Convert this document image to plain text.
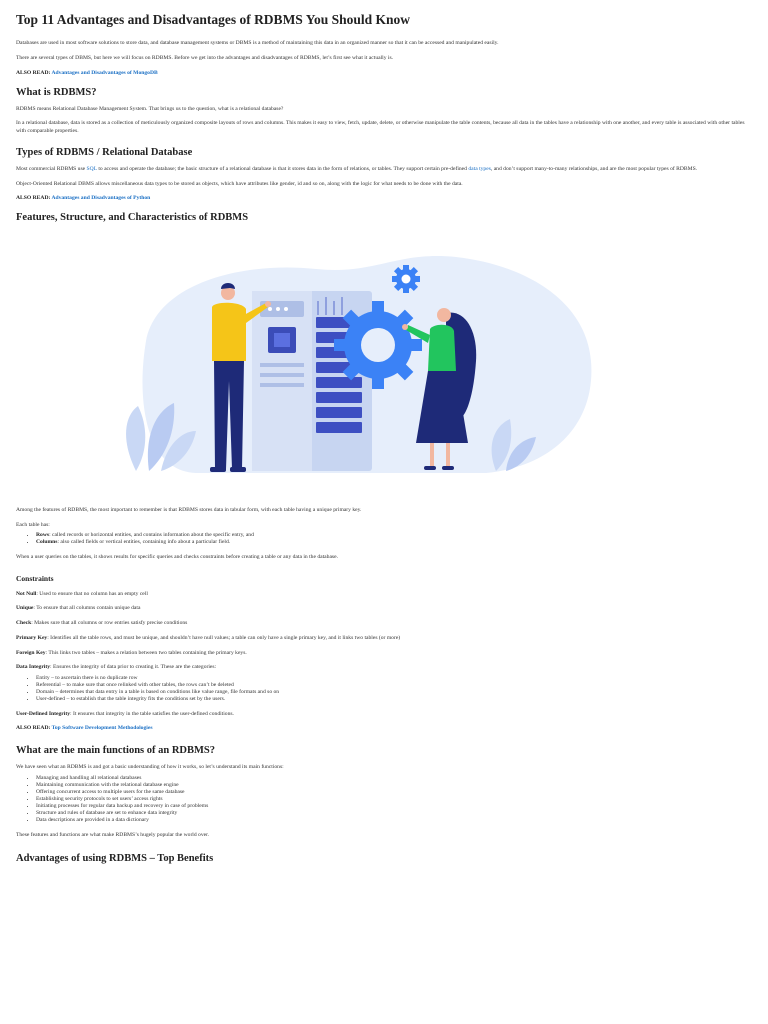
Top 11 Advantages and Disadvantages of RDBMS You Should Know

Databases are used in most software solutions to store data, and database management systems or DBMS is a method of maintaining this data in an organized manner so that it can be accessed and manipulated easily.

There are several types of DBMS, but here we will focus on RDBMS. Before we get into the advantages and disadvantages of RDBMS, let’s first see what it actually is.

ALSO READ: Advantages and Disadvantages of MongoDB
What is RDBMS?

RDBMS means Relational Database Management System. That brings us to the question, what is a relational database?

In a relational database, data is stored as a collection of meticulously organized composite layouts of rows and columns. This makes it easy to view, fetch, update, delete, or otherwise manipulate the table contents, because all data in the tables have a relationship with one another, and every table is associated with other tables with comparable properties.

Types of RDBMS / Relational Database

Most commercial RDBMS use SQL to access and operate the database; the basic structure of a relational database is that it stores data in the form of relations, or tables. They support certain pre-defined data types, and don’t support many-to-many relationships, and are the most popular types of RDBMS.

Object-Oriented Relational DBMS allows miscellaneous data types to be stored as objects, which have attributes like gender, id and so on, along with the logic for what needs to be done with the data.

ALSO READ: Advantages and Disadvantages of Python
Features, Structure, and Characteristics of RDBMS

Among the features of RDBMS, the most important to remember is that RDBMS stores data in tabular form, with each table having a unique primary key.

Each table has:

• Rows: called records or horizontal entities, and contains information about the specific entry, and
• Columns: also called fields or vertical entities, containing info about a particular field.

When a user queries on the tables, it shows results for specific queries and checks constraints before creating a table or any data in the database.

Constraints

Not Null: Used to ensure that no column has an empty cell

Unique: To ensure that all columns contain unique data

Check: Makes sure that all columns or row entries satisfy precise conditions

Primary Key: Identifies all the table rows, and must be unique, and shouldn’t have null values; a table can only have a single primary key, and it links two tables (or more)

Foreign Key: This links two tables – makes a relation between two tables containing the primary keys.

Data Integrity: Ensures the integrity of data prior to creating it. These are the categories:

• Entity – to ascertain there is no duplicate row
• Referential – to make sure that once relinked with other tables, the rows can’t be deleted
• Domain – determines that data entry in a table is based on conditions like value range, file formats and so on
• User-defined – to establish that the table integrity fits the conditions set by the users.

User-Defined Integrity: It ensures that integrity in the table satisfies the user-defined conditions.

ALSO READ: Top Software Development Methodologies
What are the main functions of an RDBMS?

We have seen what an RDBMS is and got a basic understanding of how it works, so let’s understand its main functions:

• Managing and handling all relational databases
• Maintaining communication with the relational database engine
• Offering concurrent access to multiple users for the same database
• Establishing security protocols to set users’ access rights
• Initiating processes for regular data backup and recovery in case of problems
• Structure and rules of database are set to enhance data integrity
• Data descriptions are provided in a data dictionary

These features and functions are what make RDBMS’s hugely popular the world over.

Advantages of using RDBMS – Top Benefits
